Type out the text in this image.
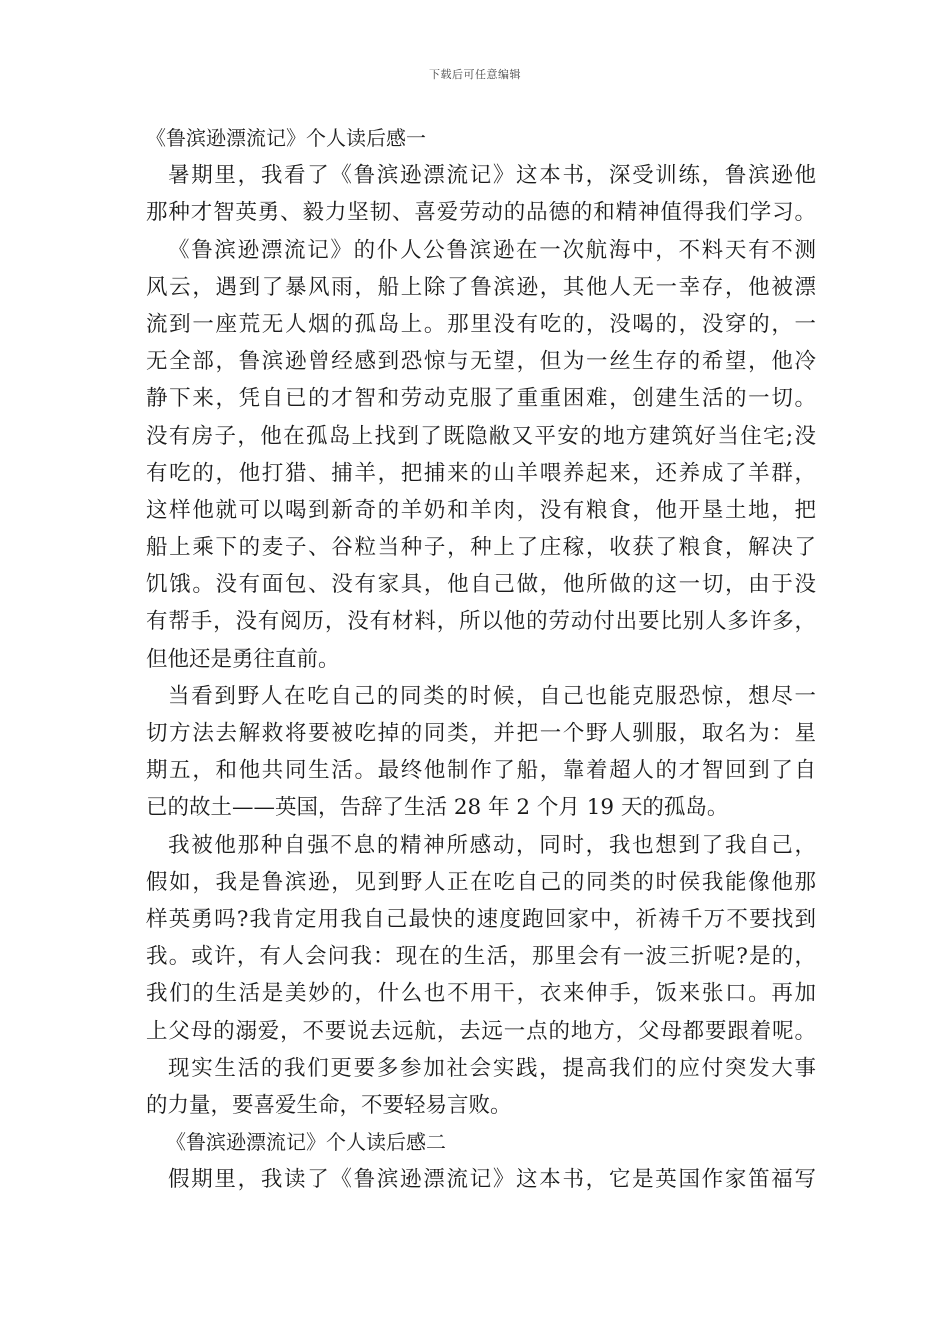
下载后可任意编辑
《鲁滨逊漂流记》个人读后感一
暑期里，我看了《鲁滨逊漂流记》这本书，深受训练，鲁滨逊他
那种才智英勇、毅力坚韧、喜爱劳动的品德的和精神值得我们学习。
《鲁滨逊漂流记》的仆人公鲁滨逊在一次航海中，不料天有不测
风云，遇到了暴风雨，船上除了鲁滨逊，其他人无一幸存，他被漂
流到一座荒无人烟的孤岛上。那里没有吃的，没喝的，没穿的，一
无全部，鲁滨逊曾经感到恐惊与无望，但为一丝生存的希望，他冷
静下来，凭自已的才智和劳动克服了重重困难，创建生活的一切。
没有房子，他在孤岛上找到了既隐敝又平安的地方建筑好当住宅;没
有吃的，他打猎、捕羊，把捕来的山羊喂养起来，还养成了羊群，
这样他就可以喝到新奇的羊奶和羊肉，没有粮食，他开垦土地，把
船上乘下的麦子、谷粒当种子，种上了庄稼，收获了粮食，解决了
饥饿。没有面包、没有家具，他自己做，他所做的这一切，由于没
有帮手，没有阅历，没有材料，所以他的劳动付出要比别人多许多，
但他还是勇往直前。
当看到野人在吃自己的同类的时候，自己也能克服恐惊，想尽一
切方法去解救将要被吃掉的同类，并把一个野人驯服，取名为：星
期五，和他共同生活。最终他制作了船，靠着超人的才智回到了自
已的故土——英国，告辞了生活 28 年 2 个月 19 天的孤岛。
我被他那种自强不息的精神所感动，同时，我也想到了我自己，
假如，我是鲁滨逊，见到野人正在吃自己的同类的时侯我能像他那
样英勇吗?我肯定用我自己最快的速度跑回家中，祈祷千万不要找到
我。或许，有人会问我：现在的生活，那里会有一波三折呢?是的，
我们的生活是美妙的，什么也不用干，衣来伸手，饭来张口。再加
上父母的溺爱，不要说去远航，去远一点的地方，父母都要跟着呢。
现实生活的我们更要多参加社会实践，提高我们的应付突发大事
的力量，要喜爱生命，不要轻易言败。
《鲁滨逊漂流记》个人读后感二
假期里，我读了《鲁滨逊漂流记》这本书，它是英国作家笛福写
